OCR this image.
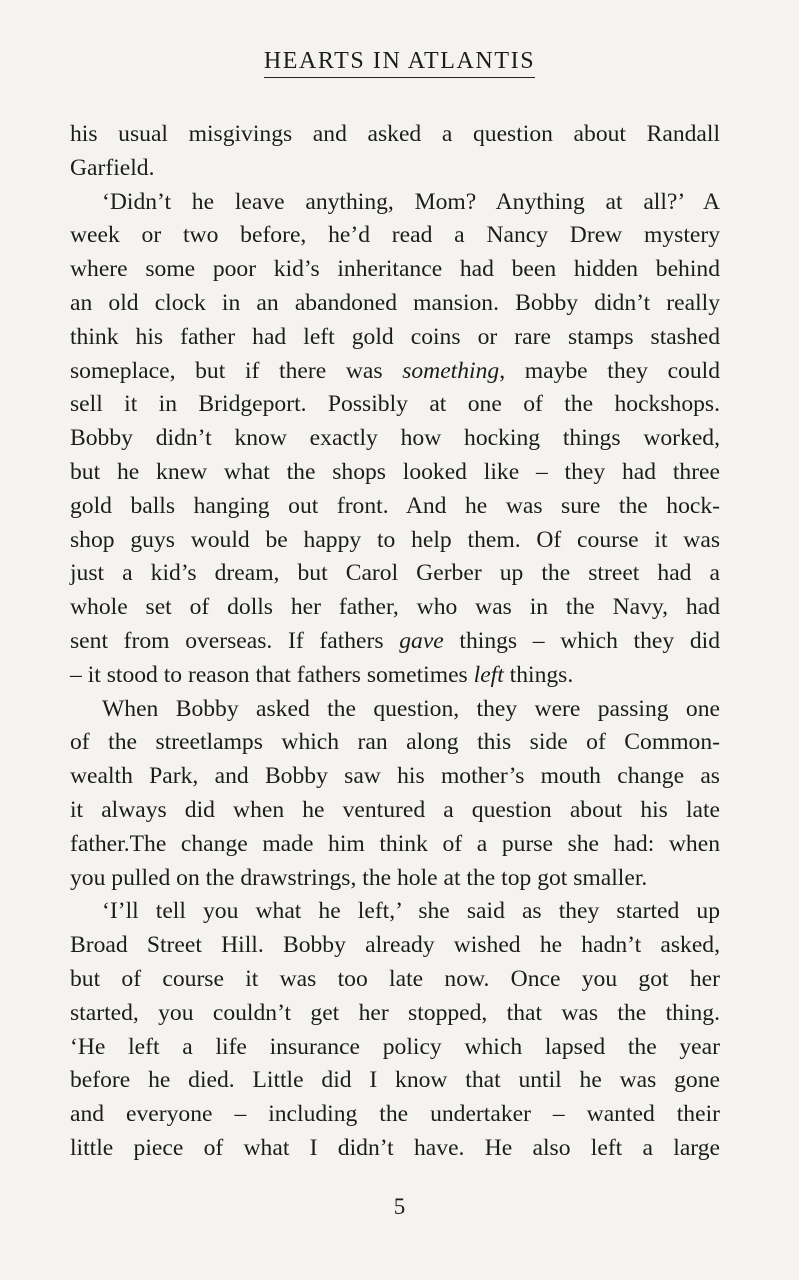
HEARTS IN ATLANTIS
his usual misgivings and asked a question about Randall
Garfield.
‘Didn’t he leave anything, Mom? Anything at all?’ A
week or two before, he’d read a Nancy Drew mystery
where some poor kid’s inheritance had been hidden behind
an old clock in an abandoned mansion. Bobby didn’t really
think his father had left gold coins or rare stamps stashed
someplace, but if there was something, maybe they could
sell it in Bridgeport. Possibly at one of the hockshops.
Bobby didn’t know exactly how hocking things worked,
but he knew what the shops looked like – they had three
gold balls hanging out front. And he was sure the hock-
shop guys would be happy to help them. Of course it was
just a kid’s dream, but Carol Gerber up the street had a
whole set of dolls her father, who was in the Navy, had
sent from overseas. If fathers gave things – which they did
– it stood to reason that fathers sometimes left things.
When Bobby asked the question, they were passing one
of the streetlamps which ran along this side of Common-
wealth Park, and Bobby saw his mother’s mouth change as
it always did when he ventured a question about his late
father.The change made him think of a purse she had: when
you pulled on the drawstrings, the hole at the top got smaller.
‘I’ll tell you what he left,’ she said as they started up
Broad Street Hill. Bobby already wished he hadn’t asked,
but of course it was too late now. Once you got her
started, you couldn’t get her stopped, that was the thing.
‘He left a life insurance policy which lapsed the year
before he died. Little did I know that until he was gone
and everyone – including the undertaker – wanted their
little piece of what I didn’t have. He also left a large
5
